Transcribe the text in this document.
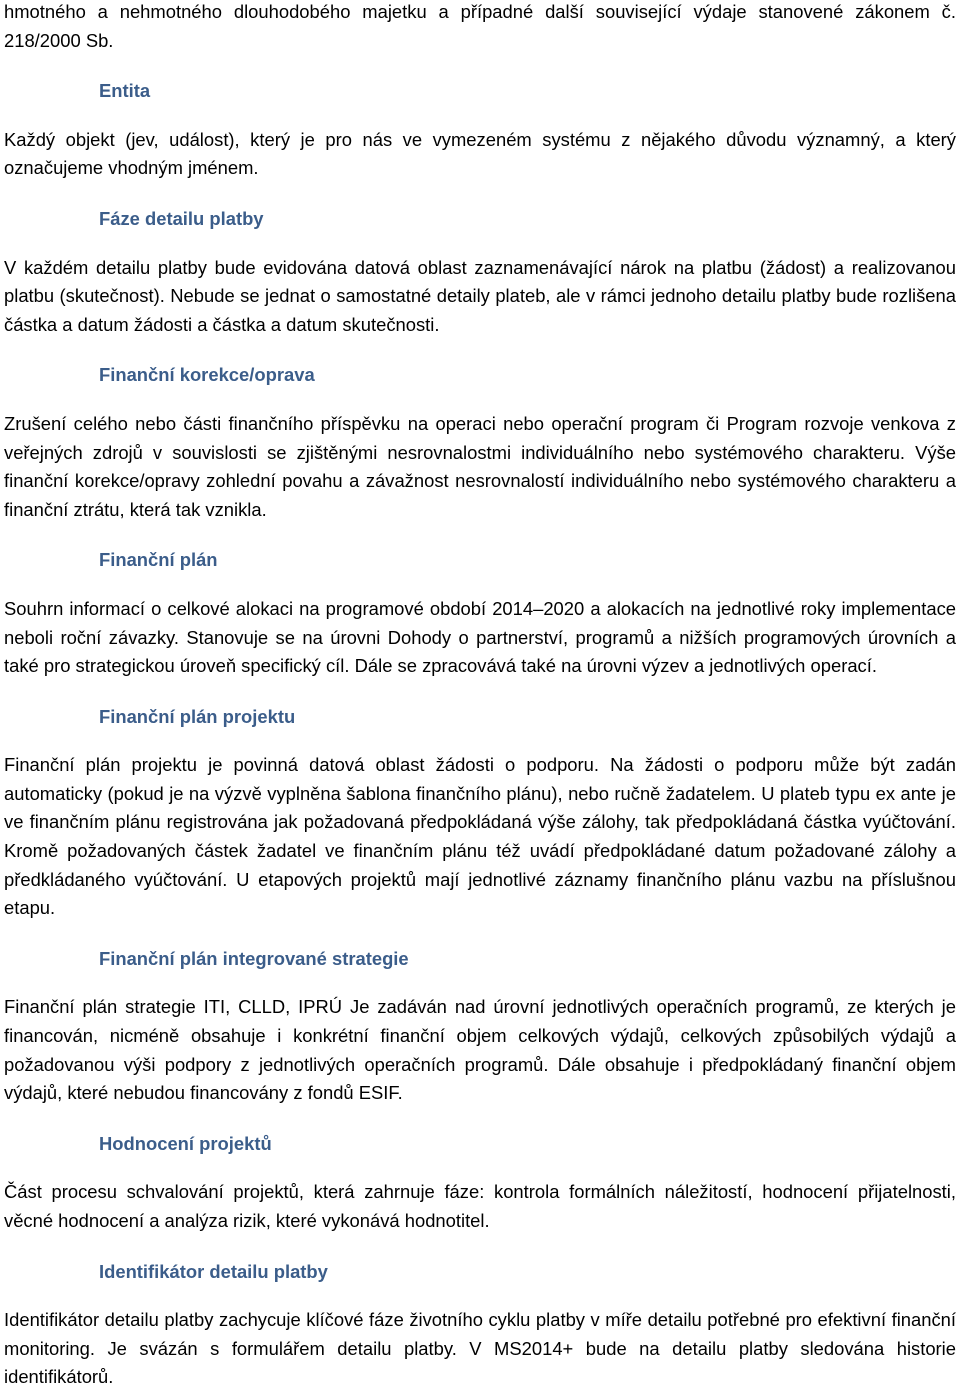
hmotného a nehmotného dlouhodobého majetku a případné další související výdaje stanovené zákonem č. 218/2000 Sb.

Entita

Každý objekt (jev, událost), který je pro nás ve vymezeném systému z nějakého důvodu významný, a který označujeme vhodným jménem.

Fáze detailu platby

V každém detailu platby bude evidována datová oblast zaznamenávající nárok na platbu (žádost) a realizovanou platbu (skutečnost). Nebude se jednat o samostatné detaily plateb, ale v rámci jednoho detailu platby bude rozlišena částka a datum žádosti a částka a datum skutečnosti.

Finanční korekce/oprava

Zrušení celého nebo části finančního příspěvku na operaci nebo operační program či Program rozvoje venkova z veřejných zdrojů v souvislosti se zjištěnými nesrovnalostmi individuálního nebo systémového charakteru. Výše finanční korekce/opravy zohlední povahu a závažnost nesrovnalostí individuálního nebo systémového charakteru a finanční ztrátu, která tak vznikla.

Finanční plán

Souhrn informací o celkové alokaci na programové období 2014–2020 a alokacích na jednotlivé roky implementace neboli roční závazky. Stanovuje se na úrovni Dohody o partnerství, programů a nižších programových úrovních a také pro strategickou úroveň specifický cíl. Dále se zpracovává také na úrovni výzev a jednotlivých operací.

Finanční plán projektu

Finanční plán projektu je povinná datová oblast žádosti o podporu. Na žádosti o podporu může být zadán automaticky (pokud je na výzvě vyplněna šablona finančního plánu), nebo ručně žadatelem. U plateb typu ex ante je ve finančním plánu registrována jak požadovaná předpokládaná výše zálohy, tak předpokládaná částka vyúčtování. Kromě požadovaných částek žadatel ve finančním plánu též uvádí předpokládané datum požadované zálohy a předkládaného vyúčtování. U etapových projektů mají jednotlivé záznamy finančního plánu vazbu na příslušnou etapu.

Finanční plán integrované strategie

Finanční plán strategie ITI, CLLD, IPRÚ Je zadáván nad úrovní jednotlivých operačních programů, ze kterých je financován, nicméně obsahuje i konkrétní finanční objem celkových výdajů, celkových způsobilých výdajů a požadovanou výši podpory z jednotlivých operačních programů. Dále obsahuje i předpokládaný finanční objem výdajů, které nebudou financovány z fondů ESIF.

Hodnocení projektů

Část procesu schvalování projektů, která zahrnuje fáze: kontrola formálních náležitostí, hodnocení přijatelnosti, věcné hodnocení a analýza rizik, které vykonává hodnotitel.

Identifikátor detailu platby

Identifikátor detailu platby zachycuje klíčové fáze životního cyklu platby v míře detailu potřebné pro efektivní finanční monitoring. Je svázán s formulářem detailu platby. V MS2014+ bude na detailu platby sledována historie identifikátorů.
